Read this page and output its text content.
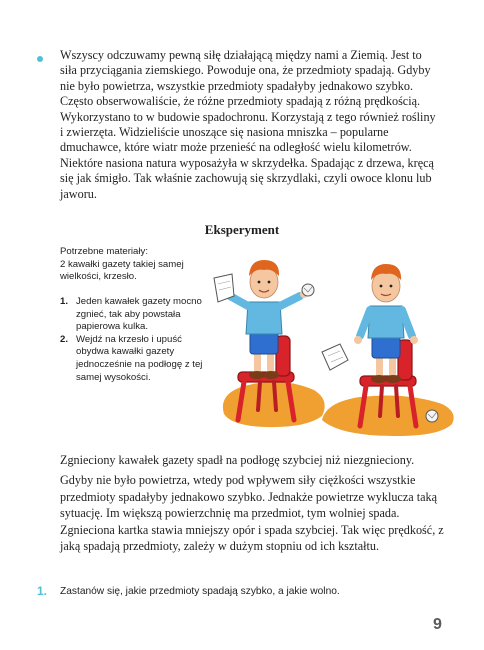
Wszyscy odczuwamy pewną siłę działającą między nami a Ziemią. Jest to siła przyciągania ziemskiego. Powoduje ona, że przedmioty spadają. Gdyby nie było powietrza, wszystkie przedmioty spadałyby jednakowo szybko. Często obserwowaliście, że różne przedmioty spadają z różną prędkością. Wykorzystano to w budowie spadochronu. Korzystają z tego również rośliny i zwierzęta. Widzieliście unoszące się nasiona mniszka – popularne dmuchawce, które wiatr może przenieść na odległość wielu kilometrów. Niektóre nasiona natura wyposażyła w skrzydełka. Spadając z drzewa, kręcą się jak śmigło. Tak właśnie zachowują się skrzydlaki, czyli owoce klonu lub jaworu.

Eksperyment

Potrzebne materiały:

2 kawałki gazety takiej samej wielkości, krzesło.

1. Jeden kawałek gazety mocno zgnieć, tak aby powstała papierowa kulka.
2. Wejdź na krzesło i upuść obydwa kawałki gazety jednocześnie na podłogę z tej samej wysokości.

Zgnieciony kawałek gazety spadł na podłogę szybciej niż niezgnieciony.

Gdyby nie było powietrza, wtedy pod wpływem siły ciężkości wszystkie przedmioty spadałyby jednakowo szybko. Jednakże powietrze wyklucza taką sytuację. Im większą powierzchnię ma przedmiot, tym wolniej spada. Zgnieciona kartka stawia mniejszy opór i spada szybciej. Tak więc prędkość, z jaką spadają przedmioty, zależy w dużym stopniu od ich kształtu.

1. Zastanów się, jakie przedmioty spadają szybko, a jakie wolno.

9
